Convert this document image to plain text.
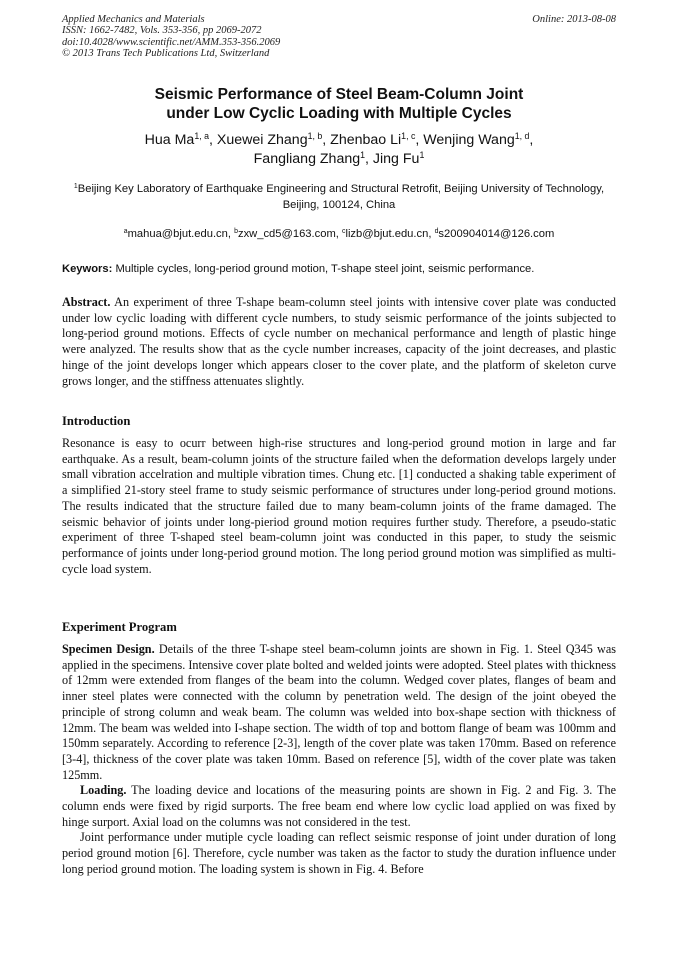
Applied Mechanics and Materials
ISSN: 1662-7482, Vols. 353-356, pp 2069-2072
doi:10.4028/www.scientific.net/AMM.353-356.2069
© 2013 Trans Tech Publications Ltd, Switzerland
Online: 2013-08-08
Seismic Performance of Steel Beam-Column Joint
under Low Cyclic Loading with Multiple Cycles
Hua Ma$^{1, a}$, Xuewei Zhang$^{1, b}$, Zhenbao Li$^{1, c}$, Wenjing Wang$^{1, d}$,
Fangliang Zhang$^1$, Jing Fu$^1$
$^1$Beijing Key Laboratory of Earthquake Engineering and Structural Retrofit, Beijing University of Technology, Beijing, 100124, China
$^a$mahua@bjut.edu.cn, $^b$zxw_cd5@163.com, $^c$lizb@bjut.edu.cn, $^d$s200904014@126.com
Keywors: Multiple cycles, long-period ground motion, T-shape steel joint, seismic performance.

Abstract. An experiment of three T-shape beam-column steel joints with intensive cover plate was conducted under low cyclic loading with different cycle numbers, to study seismic performance of the joints subjected to long-period ground motions. Effects of cycle number on mechanical performance and length of plastic hinge were analyzed. The results show that as the cycle number increases, capacity of the joint decreases, and plastic hinge of the joint develops longer which appears closer to the cover plate, and the platform of skeleton curve grows longer, and the stiffness attenuates slightly.

Introduction

Resonance is easy to ocurr between high-rise structures and long-period ground motion in large and far earthquake. As a result, beam-column joints of the structure failed when the deformation develops largely under small vibration accelration and multiple vibration times. Chung etc. [1] conducted a shaking table experiment of a simplified 21-story steel frame to study seismic performance of structures under long-period ground motions. The results indicated that the structure failed due to many beam-column joints of the frame damaged. The seismic behavior of joints under long-pieriod ground motion requires further study. Therefore, a pseudo-static experiment of three T-shaped steel beam-column joint was conducted in this paper, to study the seismic performance of joints under long-period ground motion. The long period ground motion was simplified as multi-cycle load system.

Experiment Program

Specimen Design. Details of the three T-shape steel beam-column joints are shown in Fig. 1. Steel Q345 was applied in the specimens. Intensive cover plate bolted and welded joints were adopted. Steel plates with thickness of 12mm were extended from flanges of the beam into the column. Wedged cover plates, flanges of beam and inner steel plates were connected with the column by penetration weld. The design of the joint obeyed the principle of strong column and weak beam. The column was welded into box-shape section with thickness of 12mm. The beam was welded into I-shape section. The width of top and bottom flange of beam was 100mm and 150mm separately. According to reference [2-3], length of the cover plate was taken 170mm. Based on reference [3-4], thickness of the cover plate was taken 10mm. Based on reference [5], width of the cover plate was taken 125mm.

Loading. The loading device and locations of the measuring points are shown in Fig. 2 and Fig. 3. The column ends were fixed by rigid surports. The free beam end where low cyclic load applied on was fixed by hinge surport. Axial load on the columns was not considered in the test.

Joint performance under mutiple cycle loading can reflect seismic response of joint under duration of long period ground motion [6]. Therefore, cycle number was taken as the factor to study the duration influence under long period ground motion. The loading system is shown in Fig. 4. Before
